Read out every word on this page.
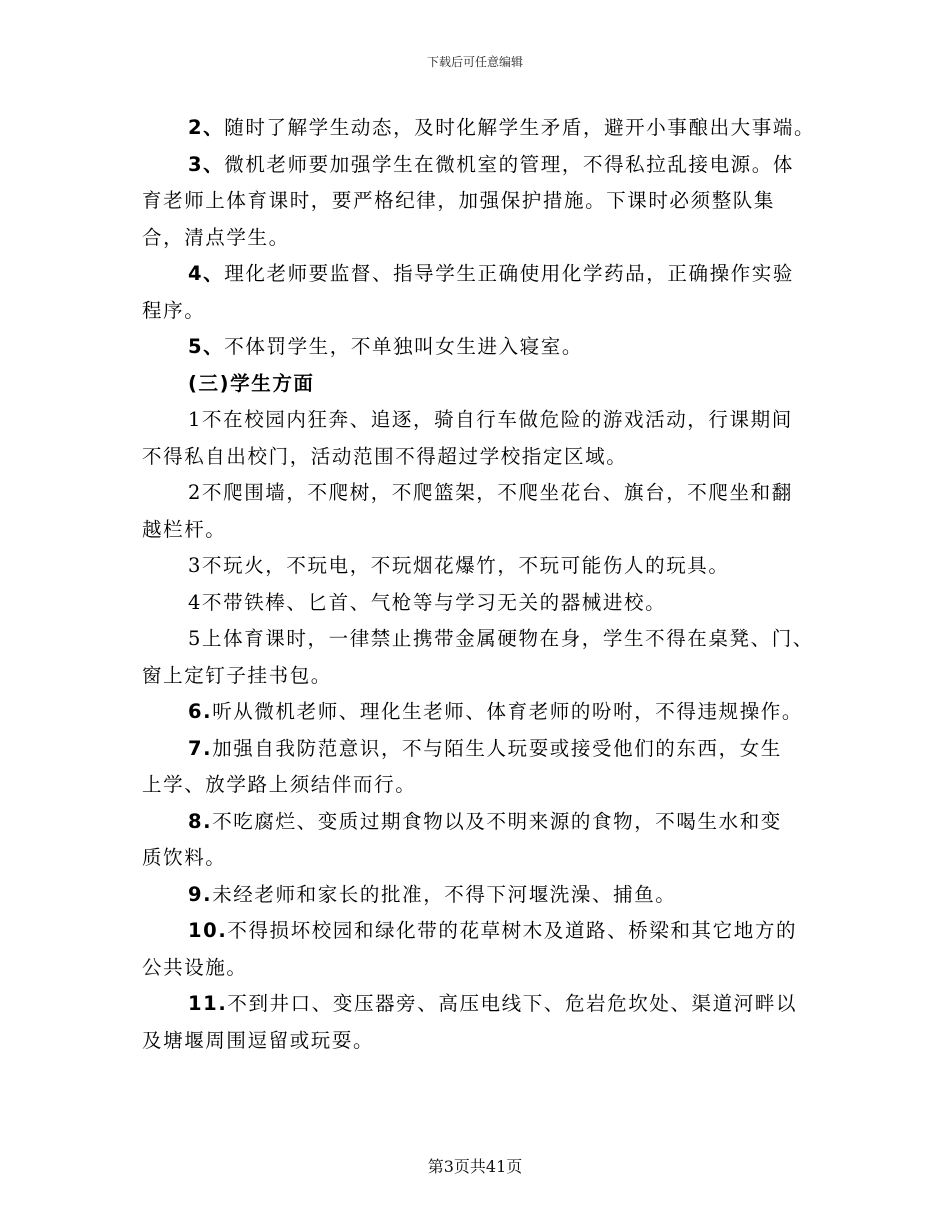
下载后可任意编辑
2、随时了解学生动态，及时化解学生矛盾，避开小事酿出大事端。
3、微机老师要加强学生在微机室的管理，不得私拉乱接电源。体
育老师上体育课时，要严格纪律，加强保护措施。下课时必须整队集
合，清点学生。
4、理化老师要监督、指导学生正确使用化学药品，正确操作实验
程序。
5、不体罚学生，不单独叫女生进入寝室。
(三)学生方面
1不在校园内狂奔、追逐，骑自行车做危险的游戏活动，行课期间
不得私自出校门，活动范围不得超过学校指定区域。
2不爬围墙，不爬树，不爬篮架，不爬坐花台、旗台，不爬坐和翻
越栏杆。
3不玩火，不玩电，不玩烟花爆竹，不玩可能伤人的玩具。
4不带铁棒、匕首、气枪等与学习无关的器械进校。
5上体育课时，一律禁止携带金属硬物在身，学生不得在桌凳、门、
窗上定钉子挂书包。
6.听从微机老师、理化生老师、体育老师的吩咐，不得违规操作。
7.加强自我防范意识，不与陌生人玩耍或接受他们的东西，女生
上学、放学路上须结伴而行。
8.不吃腐烂、变质过期食物以及不明来源的食物，不喝生水和变
质饮料。
9.未经老师和家长的批准，不得下河堰洗澡、捕鱼。
10.不得损坏校园和绿化带的花草树木及道路、桥梁和其它地方的
公共设施。
11.不到井口、变压器旁、高压电线下、危岩危坎处、渠道河畔以
及塘堰周围逗留或玩耍。
第3页共41页
